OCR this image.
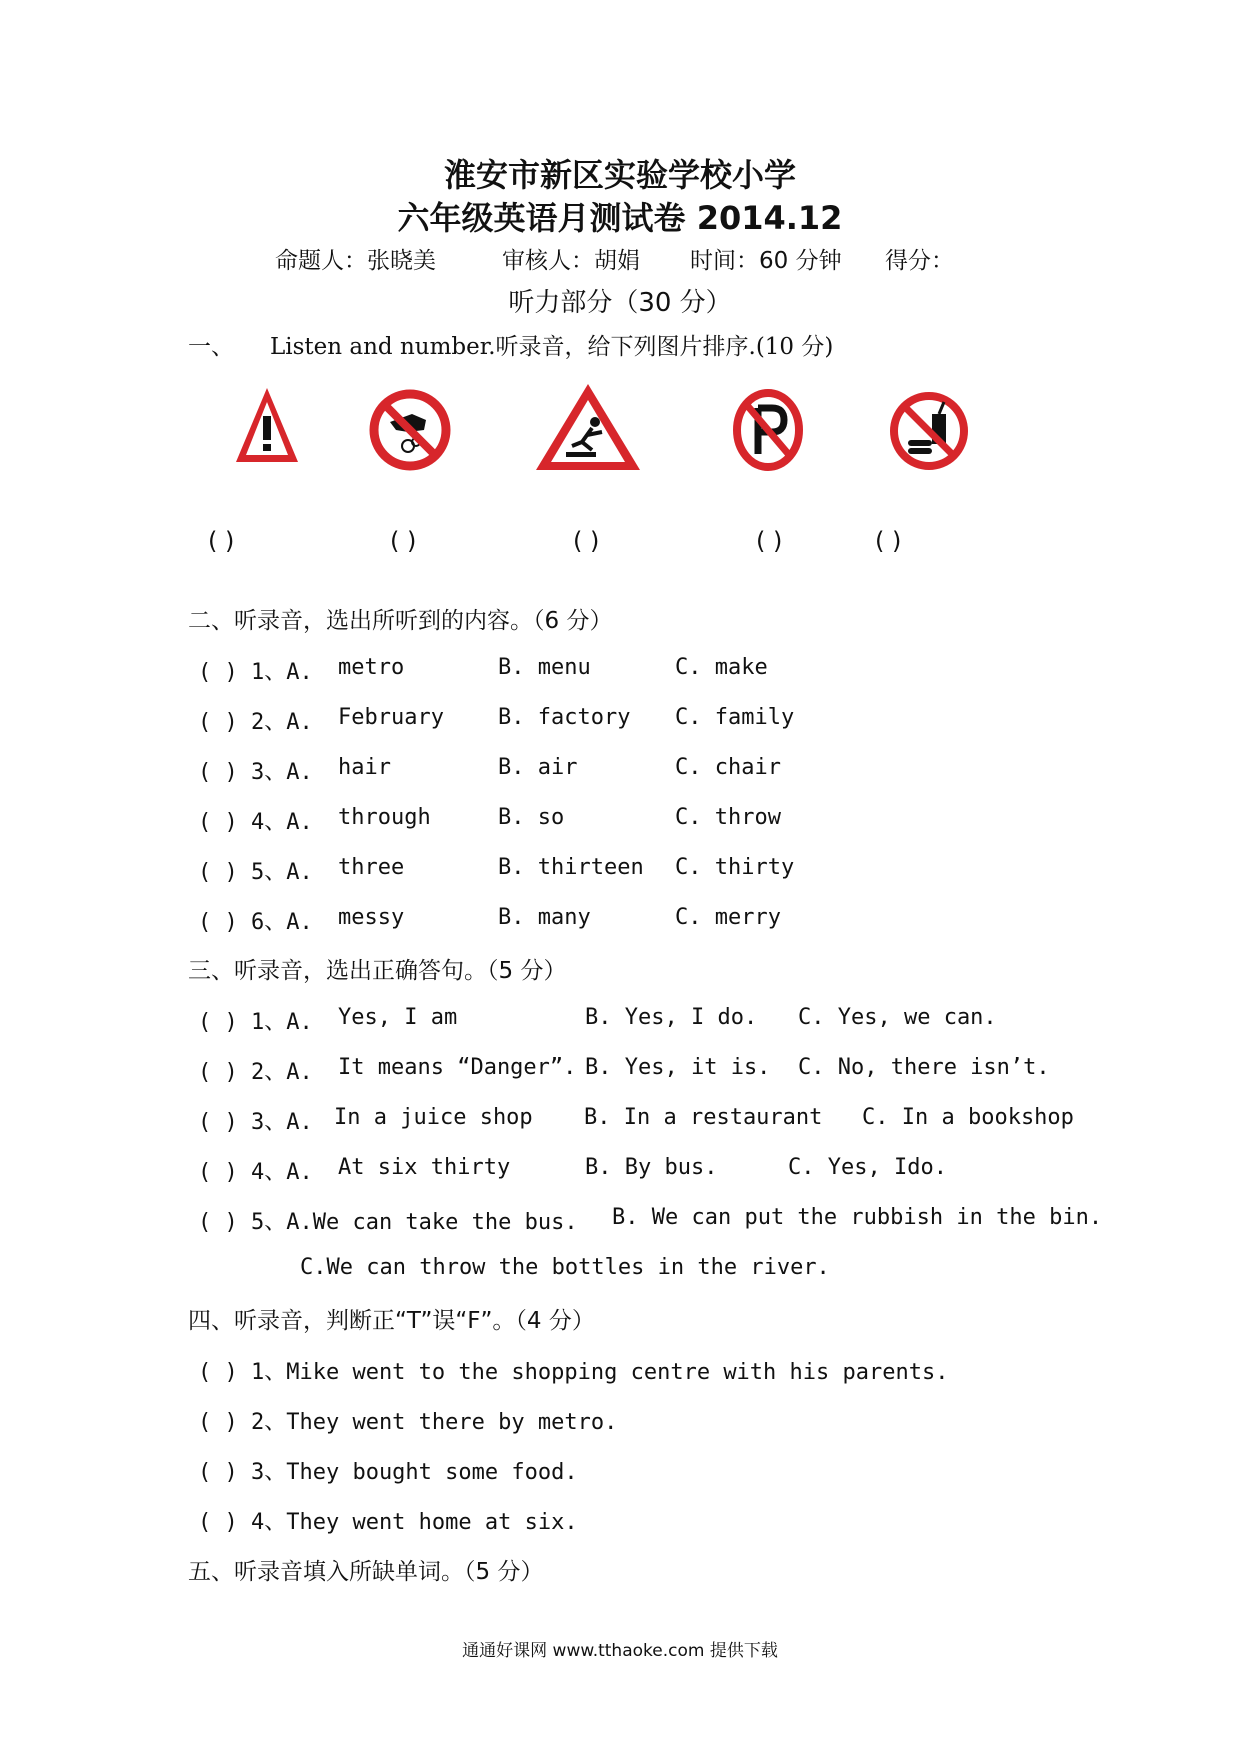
淮安市新区实验学校小学
六年级英语月测试卷 2014.12
命题人：张晓美	审核人：胡娟 时间：60 分钟 得分：
听力部分（30 分）
一、 Listen and number.听录音，给下列图片排序.(10 分)
( )	( )	( )	( )	( )
二、听录音，选出所听到的内容。（6 分）
( ) 1、A. metro	B. menu	C. make
( ) 2、A. February B. factory C. family
( ) 3、A. hair	B. air	C. chair
( ) 4、A. through	B. so	C. throw
( ) 5、A. three	B. thirteen C. thirty
( ) 6、A. messy	B. many	C. merry
三、听录音，选出正确答句。（5 分）
( ) 1、A. Yes, I am	B. Yes, I do. C. Yes, we can.
( ) 2、A. It means “Danger”. B. Yes, it is. C. No, there isn’t.
( ) 3、A. In a juice shop B. In a restaurant C. In a bookshop
( ) 4、A. At six thirty	B. By bus.	C. Yes, Ido.
( ) 5、A.We can take the bus. B. We can put the rubbish in the bin.
C.We can throw the bottles in the river.
四、听录音，判断正“T”误“F”。（4 分）
( ) 1、Mike went to the shopping centre with his parents.
( ) 2、They went there by metro.
( ) 3、They bought some food.
( ) 4、They went home at six.
五、听录音填入所缺单词。（5 分）
通通好课网 www.tthaoke.com 提供下载
